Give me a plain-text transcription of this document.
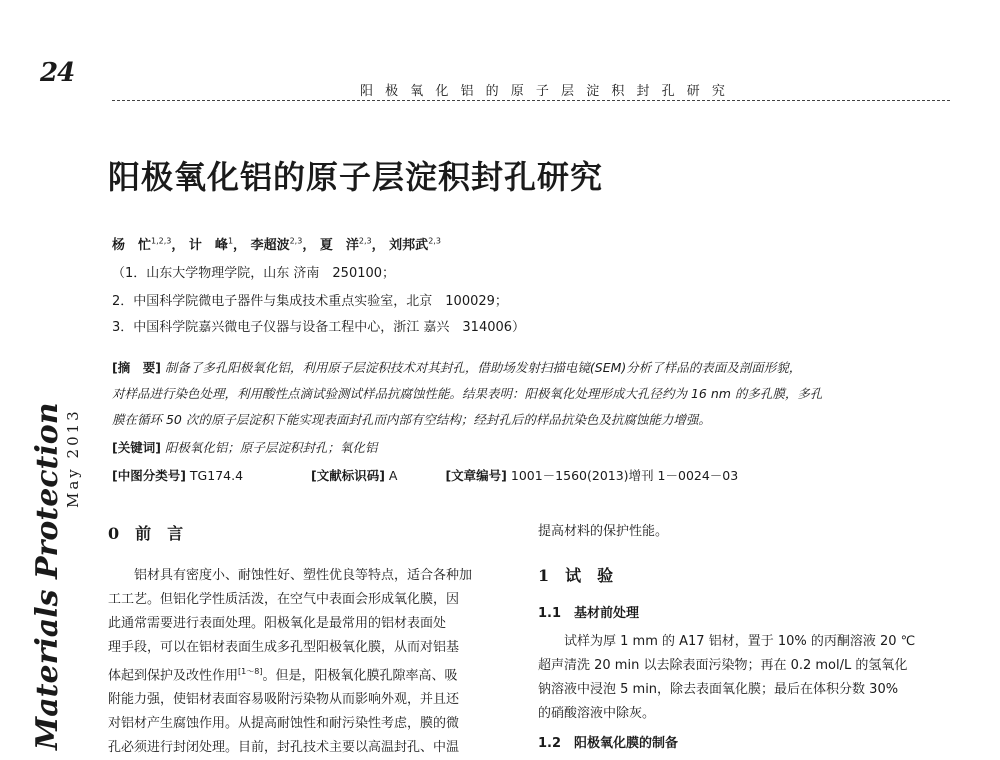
24
阳 极 氧 化 铝 的 原 子 层 淀 积 封 孔 研 究
阳极氧化铝的原子层淀积封孔研究
杨　忙$^{1,2,3}$， 计　峰$^1$， 李超波$^{2,3}$， 夏　洋$^{2,3}$， 刘邦武$^{2,3}$
（1．山东大学物理学院，山东 济南　250100；
2．中国科学院微电子器件与集成技术重点实验室，北京　100029；
3．中国科学院嘉兴微电子仪器与设备工程中心，浙江 嘉兴　314006）
[摘　要] 制备了多孔阳极氧化铝，利用原子层淀积技术对其封孔，借助场发射扫描电镜(SEM)分析了样品的表面及剖面形貌，
对样品进行染色处理，利用酸性点滴试验测试样品抗腐蚀性能。结果表明：阳极氧化处理形成大孔径约为 16 nm 的多孔膜，多孔
膜在循环 50 次的原子层淀积下能实现表面封孔而内部有空结构；经封孔后的样品抗染色及抗腐蚀能力增强。
[关键词] 阳极氧化铝；原子层淀积封孔；氧化铝
[中图分类号] TG174.4	[文献标识码] A	[文章编号] 1001－1560(2013)增刊 1－0024－03
May 2013
Materials Protection	0　前　言
　　铝材具有密度小、耐蚀性好、塑性优良等特点，适合各种加
工工艺。但铝化学性质活泼，在空气中表面会形成氧化膜，因
此通常需要进行表面处理。阳极氧化是最常用的铝材表面处
理手段，可以在铝材表面生成多孔型阳极氧化膜，从而对铝基
体起到保护及改性作用[1～8]。但是，阳极氧化膜孔隙率高、吸
附能力强，使铝材表面容易吸附污染物从而影响外观，并且还
对铝材产生腐蚀作用。从提高耐蚀性和耐污染性考虑，膜的微
孔必须进行封闭处理。目前，封孔技术主要以高温封孔、中温
提高材料的保护性能。
1　试　验
1.1　基材前处理
　　试样为厚 1 mm 的 A17 铝材，置于 10% 的丙酮溶液 20 ℃
超声清洗 20 min 以去除表面污染物；再在 0.2 mol/L 的氢氧化
钠溶液中浸泡 5 min，除去表面氧化膜；最后在体积分数 30%
的硝酸溶液中除灰。
1.2　阳极氧化膜的制备
